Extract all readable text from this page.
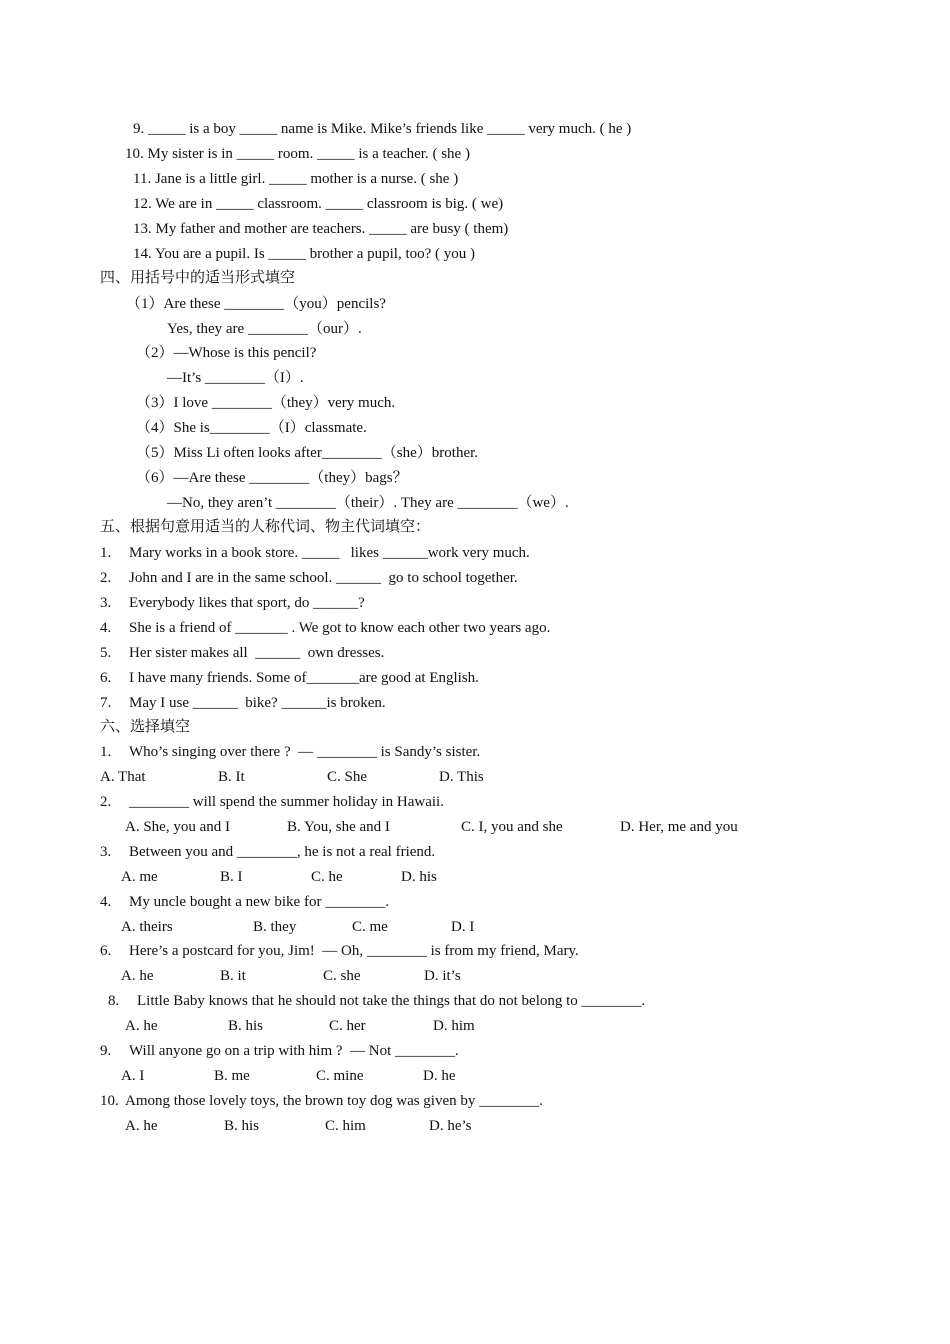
9. _____ is a boy _____ name is Mike. Mike’s friends like _____ very much. ( he )
10. My sister is in _____ room. _____ is a teacher. ( she )
11. Jane is a little girl. _____ mother is a nurse. ( she )
12. We are in _____ classroom. _____ classroom is big. ( we)
13. My father and mother are teachers. _____ are busy ( them)
14. You are a pupil. Is _____ brother a pupil, too? ( you )
四、用括号中的适当形式填空
（1）Are these ________（you）pencils?
Yes, they are ________（our）.
（2）—Whose is this pencil?
—It’s ________（I）.
（3）I love ________（they）very much.
（4）She is________（I）classmate.
（5）Miss Li often looks after________（she）brother.
（6）—Are these ________（they）bags？
—No, they aren’t ________（their）. They are ________（we）.
五、根据句意用适当的人称代词、物主代词填空：
1. Mary works in a book store. _____   likes ______work very much.
2. John and I are in the same school. ______  go to school together.
3. Everybody likes that sport, do ______?
4. She is a friend of _______ . We got to know each other two years ago.
5. Her sister makes all  ______  own dresses.
6. I have many friends. Some of_______are good at English.
7. May I use ______  bike? ______is broken.
六、选择填空
1. Who’s singing over there ?  — ________ is Sandy’s sister.
A. That	B. It	C. She	D. This
2. ________ will spend the summer holiday in Hawaii.
A. She, you and I	B. You, she and I	C. I, you and she	D. Her, me and you
3. Between you and ________, he is not a real friend.
A. me	B. I	C. he	D. his
4. My uncle bought a new bike for ________.
A. theirs	B. they	C. me	D. I
6. Here’s a postcard for you, Jim!  — Oh, ________ is from my friend, Mary.
A. he	B. it	C. she	D. it’s
8. Little Baby knows that he should not take the things that do not belong to ________.
A. he	B. his	C. her	D. him
9. Will anyone go on a trip with him ?  — Not ________.
A. I	B. me	C. mine	D. he
10. Among those lovely toys, the brown toy dog was given by ________.
A. he	B. his	C. him	D. he’s
